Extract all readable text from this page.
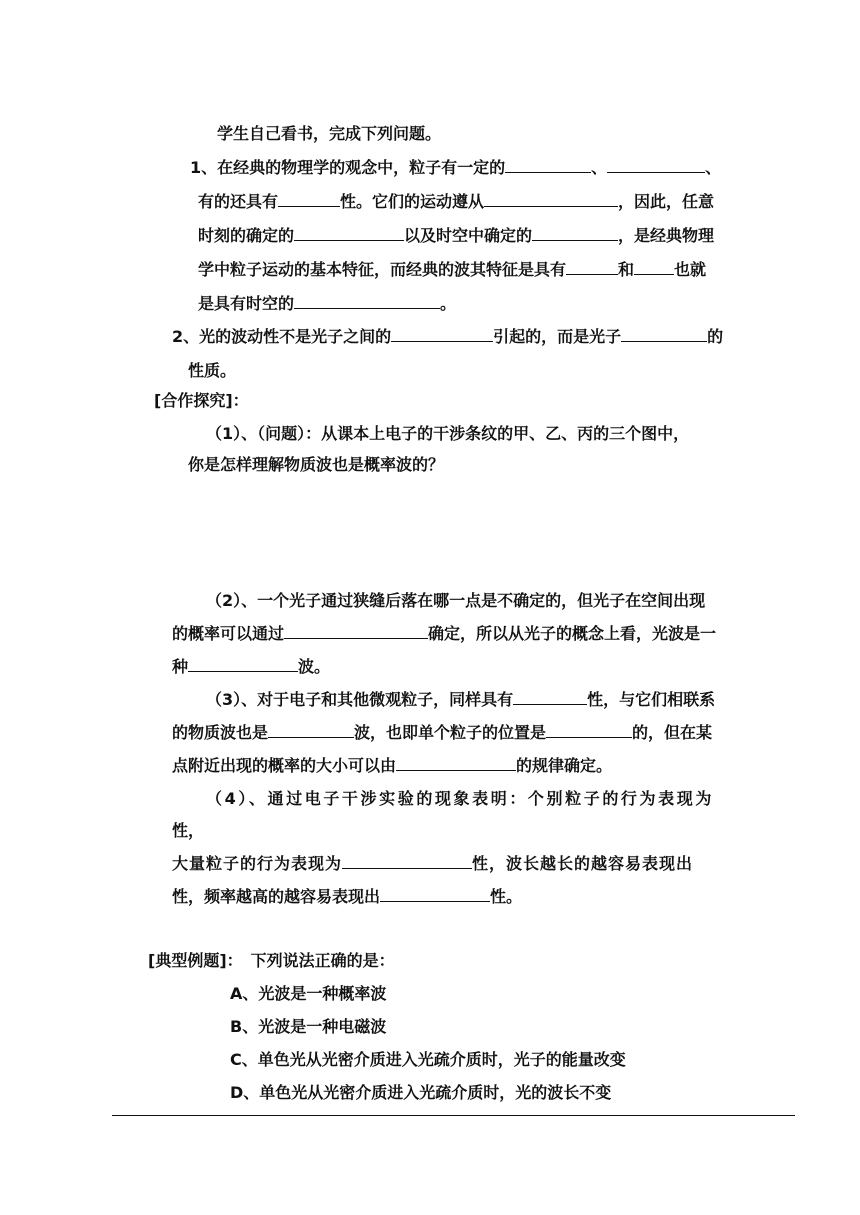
学生自己看书，完成下列问题。
1、在经典的物理学的观念中，粒子有一定的	、	、
有的还具有	性。它们的运动遵从	，因此，任意
时刻的确定的	以及时空中确定的	，是经典物理
学中粒子运动的基本特征，而经典的波其特征是具有	和	也就
是具有时空的	。
2、光的波动性不是光子之间的	引起的，而是光子	的
性质。
[合作探究]：
（1）、（问题）：从课本上电子的干涉条纹的甲、乙、丙的三个图中，
你是怎样理解物质波也是概率波的？
（2）、一个光子通过狭缝后落在哪一点是不确定的，但光子在空间出现
的概率可以通过	确定，所以从光子的概念上看，光波是一
种	波。
（3）、对于电子和其他微观粒子，同样具有	性，与它们相联系
的物质波也是	波，也即单个粒子的位置是	的，但在某
点附近出现的概率的大小可以由	的规律确定。
（4）、通过电子干涉实验的现象表明：个别粒子的行为表现为
性，
大量粒子的行为表现为	性，波长越长的越容易表现出
性，频率越高的越容易表现出	性。
[典型例题]： 下列说法正确的是：
A、光波是一种概率波
B、光波是一种电磁波
C、单色光从光密介质进入光疏介质时，光子的能量改变
D、单色光从光密介质进入光疏介质时，光的波长不变
